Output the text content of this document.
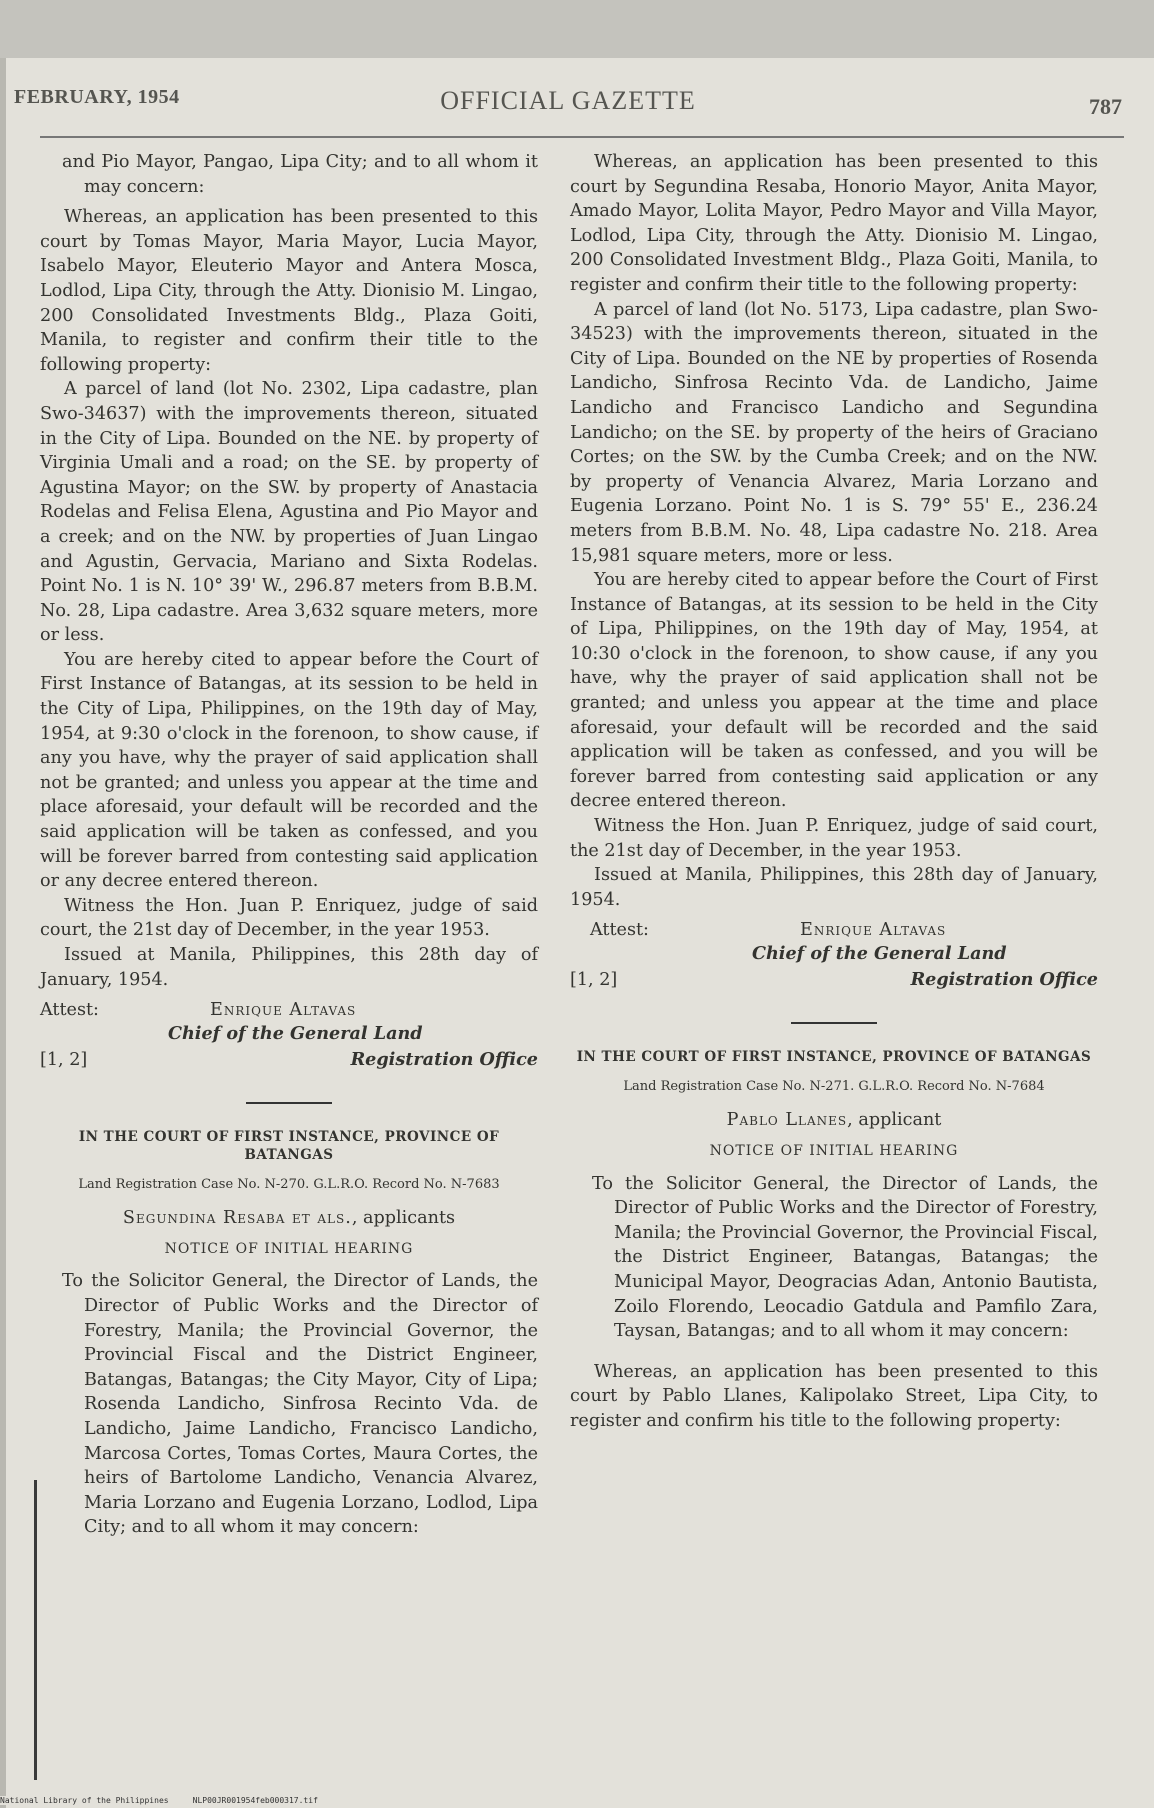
FEBRUARY, 1954	OFFICIAL GAZETTE	787

and Pio Mayor, Pangao, Lipa City; and to all whom it may concern:

Whereas, an application has been presented to this court by Tomas Mayor, Maria Mayor, Lucia Mayor, Isabelo Mayor, Eleuterio Mayor and Antera Mosca, Lodlod, Lipa City, through the Atty. Dionisio M. Lingao, 200 Consolidated Investments Bldg., Plaza Goiti, Manila, to register and confirm their title to the following property:

A parcel of land (lot No. 2302, Lipa cadastre, plan Swo-34637) with the improvements thereon, situated in the City of Lipa. Bounded on the NE. by property of Virginia Umali and a road; on the SE. by property of Agustina Mayor; on the SW. by property of Anastacia Rodelas and Felisa Elena, Agustina and Pio Mayor and a creek; and on the NW. by properties of Juan Lingao and Agustin, Gervacia, Mariano and Sixta Rodelas. Point No. 1 is N. 10° 39' W., 296.87 meters from B.B.M. No. 28, Lipa cadastre. Area 3,632 square meters, more or less.

You are hereby cited to appear before the Court of First Instance of Batangas, at its session to be held in the City of Lipa, Philippines, on the 19th day of May, 1954, at 9:30 o'clock in the forenoon, to show cause, if any you have, why the prayer of said application shall not be granted; and unless you appear at the time and place aforesaid, your default will be recorded and the said application will be taken as confessed, and you will be forever barred from contesting said application or any decree entered thereon.

Witness the Hon. Juan P. Enriquez, judge of said court, the 21st day of December, in the year 1953.

Issued at Manila, Philippines, this 28th day of January, 1954.

Attest:	Enrique Altavas
Chief of the General Land
[1, 2]	Registration Office
IN THE COURT OF FIRST INSTANCE, PROVINCE OF BATANGAS
Land Registration Case No. N-270. G.L.R.O. Record No. N-7683
Segundina Resaba et als., applicants
NOTICE OF INITIAL HEARING

To the Solicitor General, the Director of Lands, the Director of Public Works and the Director of Forestry, Manila; the Provincial Governor, the Provincial Fiscal and the District Engineer, Batangas, Batangas; the City Mayor, City of Lipa; Rosenda Landicho, Sinfrosa Recinto Vda. de Landicho, Jaime Landicho, Francisco Landicho, Marcosa Cortes, Tomas Cortes, Maura Cortes, the heirs of Bartolome Landicho, Venancia Alvarez, Maria Lorzano and Eugenia Lorzano, Lodlod, Lipa City; and to all whom it may concern:

Whereas, an application has been presented to this court by Segundina Resaba, Honorio Mayor, Anita Mayor, Amado Mayor, Lolita Mayor, Pedro Mayor and Villa Mayor, Lodlod, Lipa City, through the Atty. Dionisio M. Lingao, 200 Consolidated Investment Bldg., Plaza Goiti, Manila, to register and confirm their title to the following property:

A parcel of land (lot No. 5173, Lipa cadastre, plan Swo-34523) with the improvements thereon, situated in the City of Lipa. Bounded on the NE by properties of Rosenda Landicho, Sinfrosa Recinto Vda. de Landicho, Jaime Landicho and Francisco Landicho and Segundina Landicho; on the SE. by property of the heirs of Graciano Cortes; on the SW. by the Cumba Creek; and on the NW. by property of Venancia Alvarez, Maria Lorzano and Eugenia Lorzano. Point No. 1 is S. 79° 55' E., 236.24 meters from B.B.M. No. 48, Lipa cadastre No. 218. Area 15,981 square meters, more or less.

You are hereby cited to appear before the Court of First Instance of Batangas, at its session to be held in the City of Lipa, Philippines, on the 19th day of May, 1954, at 10:30 o'clock in the forenoon, to show cause, if any you have, why the prayer of said application shall not be granted; and unless you appear at the time and place aforesaid, your default will be recorded and the said application will be taken as confessed, and you will be forever barred from contesting said application or any decree entered thereon.

Witness the Hon. Juan P. Enriquez, judge of said court, the 21st day of December, in the year 1953.

Issued at Manila, Philippines, this 28th day of January, 1954.

Attest:	Enrique Altavas
Chief of the General Land
[1, 2]	Registration Office
IN THE COURT OF FIRST INSTANCE, PROVINCE OF BATANGAS
Land Registration Case No. N-271. G.L.R.O. Record No. N-7684
Pablo Llanes, applicant
NOTICE OF INITIAL HEARING

To the Solicitor General, the Director of Lands, the Director of Public Works and the Director of Forestry, Manila; the Provincial Governor, the Provincial Fiscal, the District Engineer, Batangas, Batangas; the Municipal Mayor, Deogracias Adan, Antonio Bautista, Zoilo Florendo, Leocadio Gatdula and Pamfilo Zara, Taysan, Batangas; and to all whom it may concern:

Whereas, an application has been presented to this court by Pablo Llanes, Kalipolako Street, Lipa City, to register and confirm his title to the following property:

National Library of the Philippines     NLP00JR001954feb000317.tif
